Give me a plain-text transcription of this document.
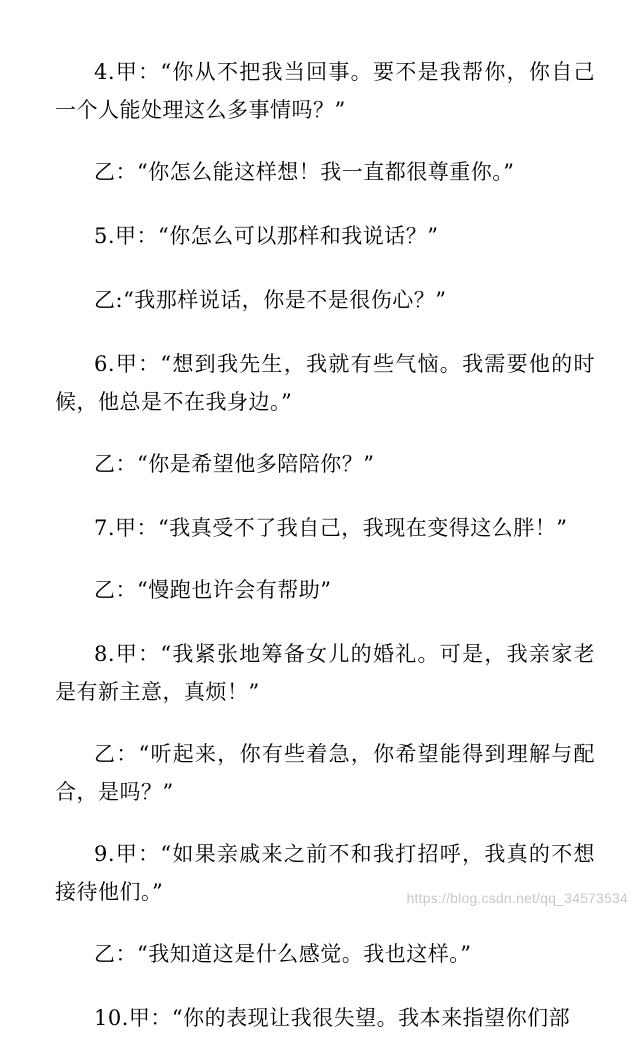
4.甲：“你从不把我当回事。要不是我帮你，你自己一个人能处理这么多事情吗？”

乙：“你怎么能这样想！我一直都很尊重你。”

5.甲：“你怎么可以那样和我说话？”

乙:“我那样说话，你是不是很伤心？”

6.甲：“想到我先生，我就有些气恼。我需要他的时候，他总是不在我身边。”

乙：“你是希望他多陪陪你？”

7.甲：“我真受不了我自己，我现在变得这么胖！”

乙：“慢跑也许会有帮助”

8.甲：“我紧张地筹备女儿的婚礼。可是，我亲家老是有新主意，真烦！”

乙：“听起来，你有些着急，你希望能得到理解与配合，是吗？”

9.甲：“如果亲戚来之前不和我打招呼，我真的不想接待他们。”

乙：“我知道这是什么感觉。我也这样。”

10.甲：“你的表现让我很失望。我本来指望你们部

https://blog.csdn.net/qq_34573534
